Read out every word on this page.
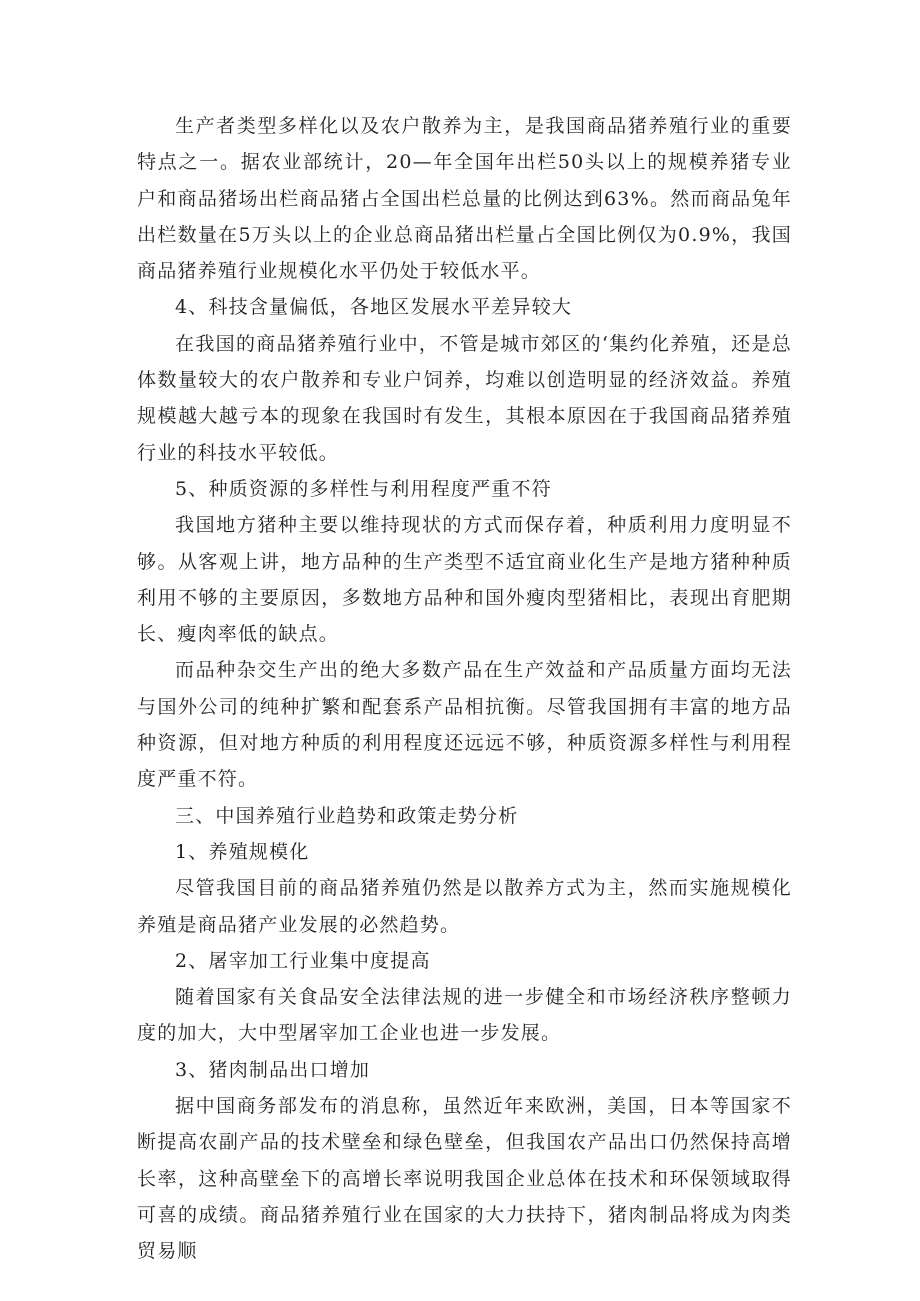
生产者类型多样化以及农户散养为主，是我国商品猪养殖行业的重要特点之一。据农业部统计，20—年全国年出栏50头以上的规模养猪专业户和商品猪场出栏商品猪占全国出栏总量的比例达到63%。然而商品兔年出栏数量在5万头以上的企业总商品猪出栏量占全国比例仅为0.9%，我国商品猪养殖行业规模化水平仍处于较低水平。

4、科技含量偏低，各地区发展水平差异较大

在我国的商品猪养殖行业中，不管是城市郊区的‘集约化养殖，还是总体数量较大的农户散养和专业户饲养，均难以创造明显的经济效益。养殖规模越大越亏本的现象在我国时有发生，其根本原因在于我国商品猪养殖行业的科技水平较低。

5、种质资源的多样性与利用程度严重不符

我国地方猪种主要以维持现状的方式而保存着，种质利用力度明显不够。从客观上讲，地方品种的生产类型不适宜商业化生产是地方猪种种质利用不够的主要原因，多数地方品种和国外瘦肉型猪相比，表现出育肥期长、瘦肉率低的缺点。

而品种杂交生产出的绝大多数产品在生产效益和产品质量方面均无法与国外公司的纯种扩繁和配套系产品相抗衡。尽管我国拥有丰富的地方品种资源，但对地方种质的利用程度还远远不够，种质资源多样性与利用程度严重不符。

三、中国养殖行业趋势和政策走势分析

1、养殖规模化

尽管我国目前的商品猪养殖仍然是以散养方式为主，然而实施规模化养殖是商品猪产业发展的必然趋势。

2、屠宰加工行业集中度提高

随着国家有关食品安全法律法规的进一步健全和市场经济秩序整顿力度的加大，大中型屠宰加工企业也进一步发展。

3、猪肉制品出口增加

据中国商务部发布的消息称，虽然近年来欧洲，美国，日本等国家不断提高农副产品的技术壁垒和绿色壁垒，但我国农产品出口仍然保持高增长率，这种高壁垒下的高增长率说明我国企业总体在技术和环保领域取得可喜的成绩。商品猪养殖行业在国家的大力扶持下，猪肉制品将成为肉类贸易顺
